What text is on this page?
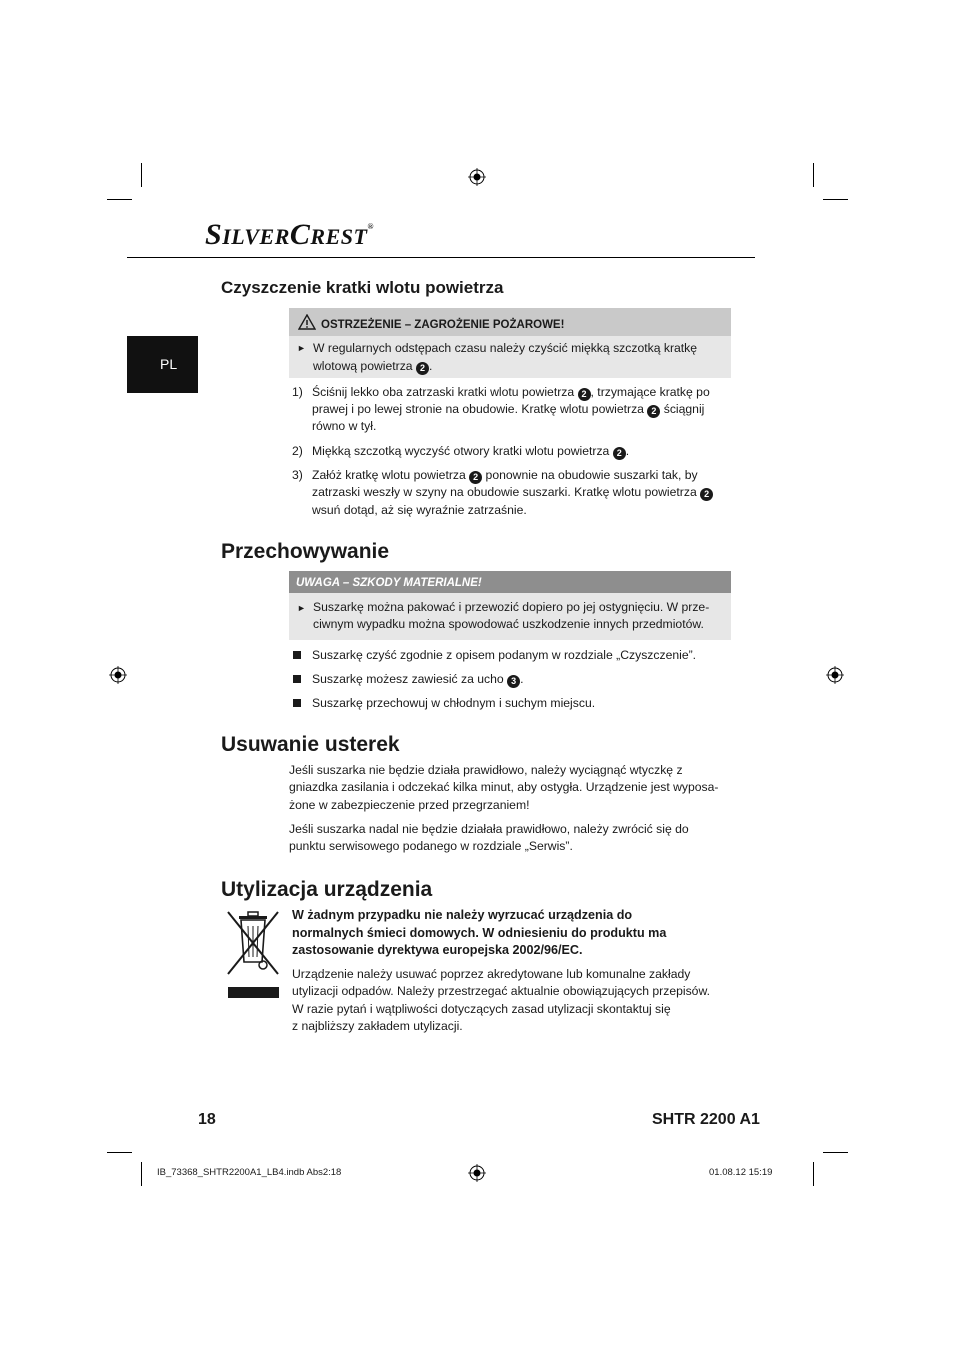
SILVERCREST®
PL
Czyszczenie kratki wlotu powietrza
OSTRZEŻENIE – ZAGROŻENIE POŻAROWE!
► W regularnych odstępach czasu należy czyścić miękką szczotką kratkę
wlotową powietrza 2 .
1) Ściśnij lekko oba zatrzaski kratki wlotu powietrza 2 , trzymające kratkę po
prawej i po lewej stronie na obudowie. Kratkę wlotu powietrza 2 ściągnij
równo w tył.
2) Miękką szczotką wyczyść otwory kratki wlotu powietrza 2 .
3) Załóż kratkę wlotu powietrza 2 ponownie na obudowie suszarki tak, by
zatrzaski weszły w szyny na obudowie suszarki. Kratkę wlotu powietrza 2
wsuń dotąd, aż się wyraźnie zatrzaśnie.
Przechowywanie
UWAGA – SZKODY MATERIALNE!
► Suszarkę można pakować i przewozić dopiero po jej ostygnięciu. W prze-
ciwnym wypadku można spowodować uszkodzenie innych przedmiotów.
Suszarkę czyść zgodnie z opisem podanym w rozdziale „Czyszczenie”.
Suszarkę możesz zawiesić za ucho 3 .
Suszarkę przechowuj w chłodnym i suchym miejscu.
Usuwanie usterek
Jeśli suszarka nie będzie działa prawidłowo, należy wyciągnąć wtyczkę z
gniazdka zasilania i odczekać kilka minut, aby ostygła. Urządzenie jest wyposa-
żone w zabezpieczenie przed przegrzaniem!
Jeśli suszarka nadal nie będzie działała prawidłowo, należy zwrócić się do
punktu serwisowego podanego w rozdziale „Serwis”.
Utylizacja urządzenia
W żadnym przypadku nie należy wyrzucać urządzenia do
normalnych śmieci domowych. W odniesieniu do produktu ma
zastosowanie dyrektywa europejska 2002/96/EC.
Urządzenie należy usuwać poprzez akredytowane lub komunalne zakłady
utylizacji odpadów. Należy przestrzegać aktualnie obowiązujących przepisów.
W razie pytań i wątpliwości dotyczących zasad utylizacji skontaktuj się
z najbliższy zakładem utylizacji.
18	SHTR 2200 A1
IB_73368_SHTR2200A1_LB4.indb Abs2:18	01.08.12 15:19
